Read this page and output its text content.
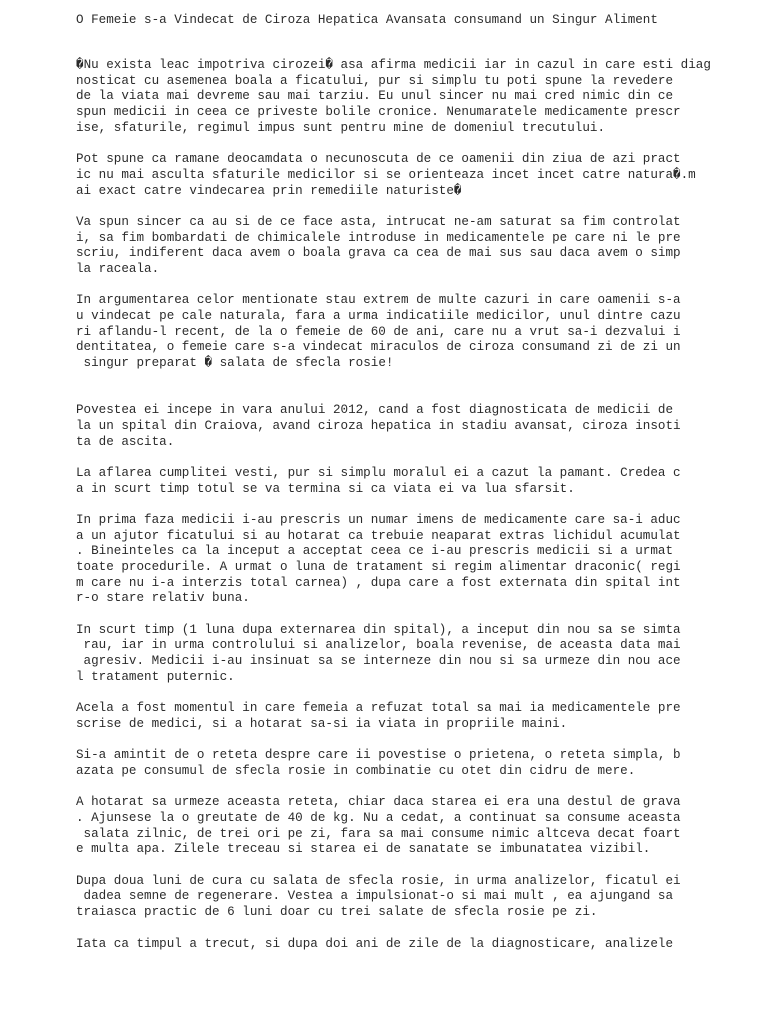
O Femeie s-a Vindecat de Ciroza Hepatica Avansata consumand un Singur Aliment
�Nu exista leac impotriva cirozei� asa afirma medicii iar in cazul in care esti diag
nosticat cu asemenea boala a ficatului, pur si simplu tu poti spune la revedere
de la viata mai devreme sau mai tarziu. Eu unul sincer nu mai cred nimic din ce
spun medicii in ceea ce priveste bolile cronice. Nenumaratele medicamente prescr
ise, sfaturile, regimul impus sunt pentru mine de domeniul trecutului.
Pot spune ca ramane deocamdata o necunoscuta de ce oamenii din ziua de azi pract
ic nu mai asculta sfaturile medicilor si se orienteaza incet incet catre natura�.m
ai exact catre vindecarea prin remediile naturiste�
Va spun sincer ca au si de ce face asta, intrucat ne-am saturat sa fim controlat
i, sa fim bombardati de chimicalele introduse in medicamentele pe care ni le pre
scriu, indiferent daca avem o boala grava ca cea de mai sus sau daca avem o simp
la raceala.
In argumentarea celor mentionate stau extrem de multe cazuri in care oamenii s-a
u vindecat pe cale naturala, fara a urma indicatiile medicilor, unul dintre cazu
ri aflandu-l recent, de la o femeie de 60 de ani, care nu a vrut sa-i dezvalui i
dentitatea, o femeie care s-a vindecat miraculos de ciroza consumand zi de zi un
singur preparat � salata de sfecla rosie!
Povestea ei incepe in vara anului 2012, cand a fost diagnosticata de medicii de
la un spital din Craiova, avand ciroza hepatica in stadiu avansat, ciroza insoti
ta de ascita.
La aflarea cumplitei vesti, pur si simplu moralul ei a cazut la pamant. Credea c
a in scurt timp totul se va termina si ca viata ei va lua sfarsit.
In prima faza medicii i-au prescris un numar imens de medicamente care sa-i aduc
a un ajutor ficatului si au hotarat ca trebuie neaparat extras lichidul acumulat
. Bineinteles ca la inceput a acceptat ceea ce i-au prescris medicii si a urmat
toate procedurile. A urmat o luna de tratament si regim alimentar draconic( regi
m care nu i-a interzis total carnea) , dupa care a fost externata din spital int
r-o stare relativ buna.
In scurt timp (1 luna dupa externarea din spital), a inceput din nou sa se simta
rau, iar in urma controlului si analizelor, boala revenise, de aceasta data mai
agresiv. Medicii i-au insinuat sa se interneze din nou si sa urmeze din nou ace
l tratament puternic.
Acela a fost momentul in care femeia a refuzat total sa mai ia medicamentele pre
scrise de medici, si a hotarat sa-si ia viata in propriile maini.
Si-a amintit de o reteta despre care ii povestise o prietena, o reteta simpla, b
azata pe consumul de sfecla rosie in combinatie cu otet din cidru de mere.
A hotarat sa urmeze aceasta reteta, chiar daca starea ei era una destul de grava
. Ajunsese la o greutate de 40 de kg. Nu a cedat, a continuat sa consume aceasta
salata zilnic, de trei ori pe zi, fara sa mai consume nimic altceva decat foart
e multa apa. Zilele treceau si starea ei de sanatate se imbunatatea vizibil.
Dupa doua luni de cura cu salata de sfecla rosie, in urma analizelor, ficatul ei
dadea semne de regenerare. Vestea a impulsionat-o si mai mult , ea ajungand sa
traiasca practic de 6 luni doar cu trei salate de sfecla rosie pe zi.
Iata ca timpul a trecut, si dupa doi ani de zile de la diagnosticare, analizele
